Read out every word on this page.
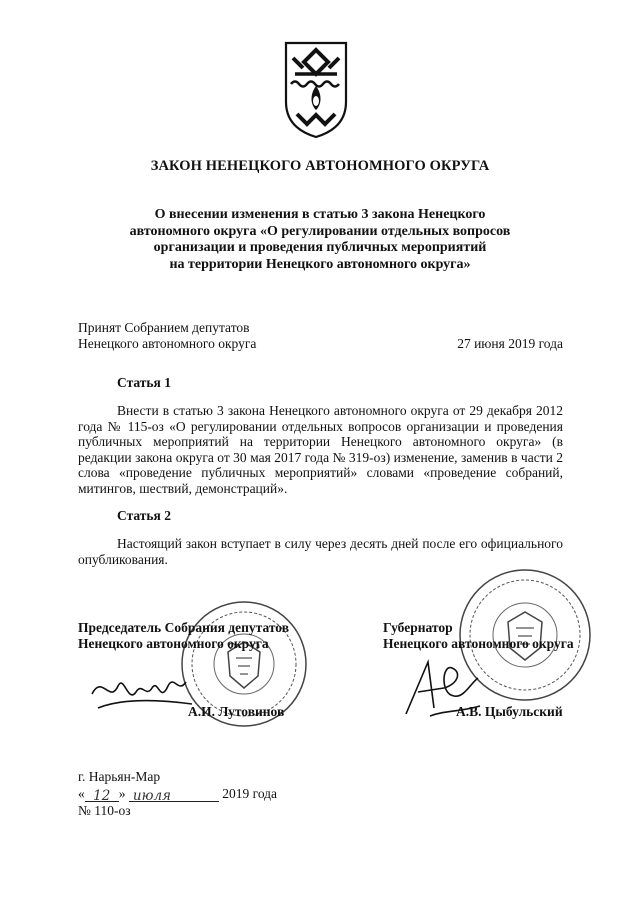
ЗАКОН НЕНЕЦКОГО АВТОНОМНОГО ОКРУГА
О внесении изменения в статью 3 закона Ненецкого
автономного округа «О регулировании отдельных вопросов
организации и проведения публичных мероприятий
на территории Ненецкого автономного округа»
Принят Собранием депутатов
Ненецкого автономного округа	27 июня 2019 года
Статья 1
Внести в статью 3 закона Ненецкого автономного округа от 29 декабря 2012 года № 115-оз «О регулировании отдельных вопросов организации и проведения публичных мероприятий на территории Ненецкого автономного округа» (в редакции закона округа от 30 мая 2017 года № 319-оз) изменение, заменив в части 2 слова «проведение публичных мероприятий» словами «проведение собраний, митингов, шествий, демонстраций».
Статья 2
Настоящий закон вступает в силу через десять дней после его официального опубликования.
Председатель Собрания депутатов
Ненецкого автономного округа
А.И. Лутовинов
Губернатор
Ненецкого автономного округа
А.В. Цыбульский
г. Нарьян-Мар
« 12 » июля	2019 года
№ 110-оз
